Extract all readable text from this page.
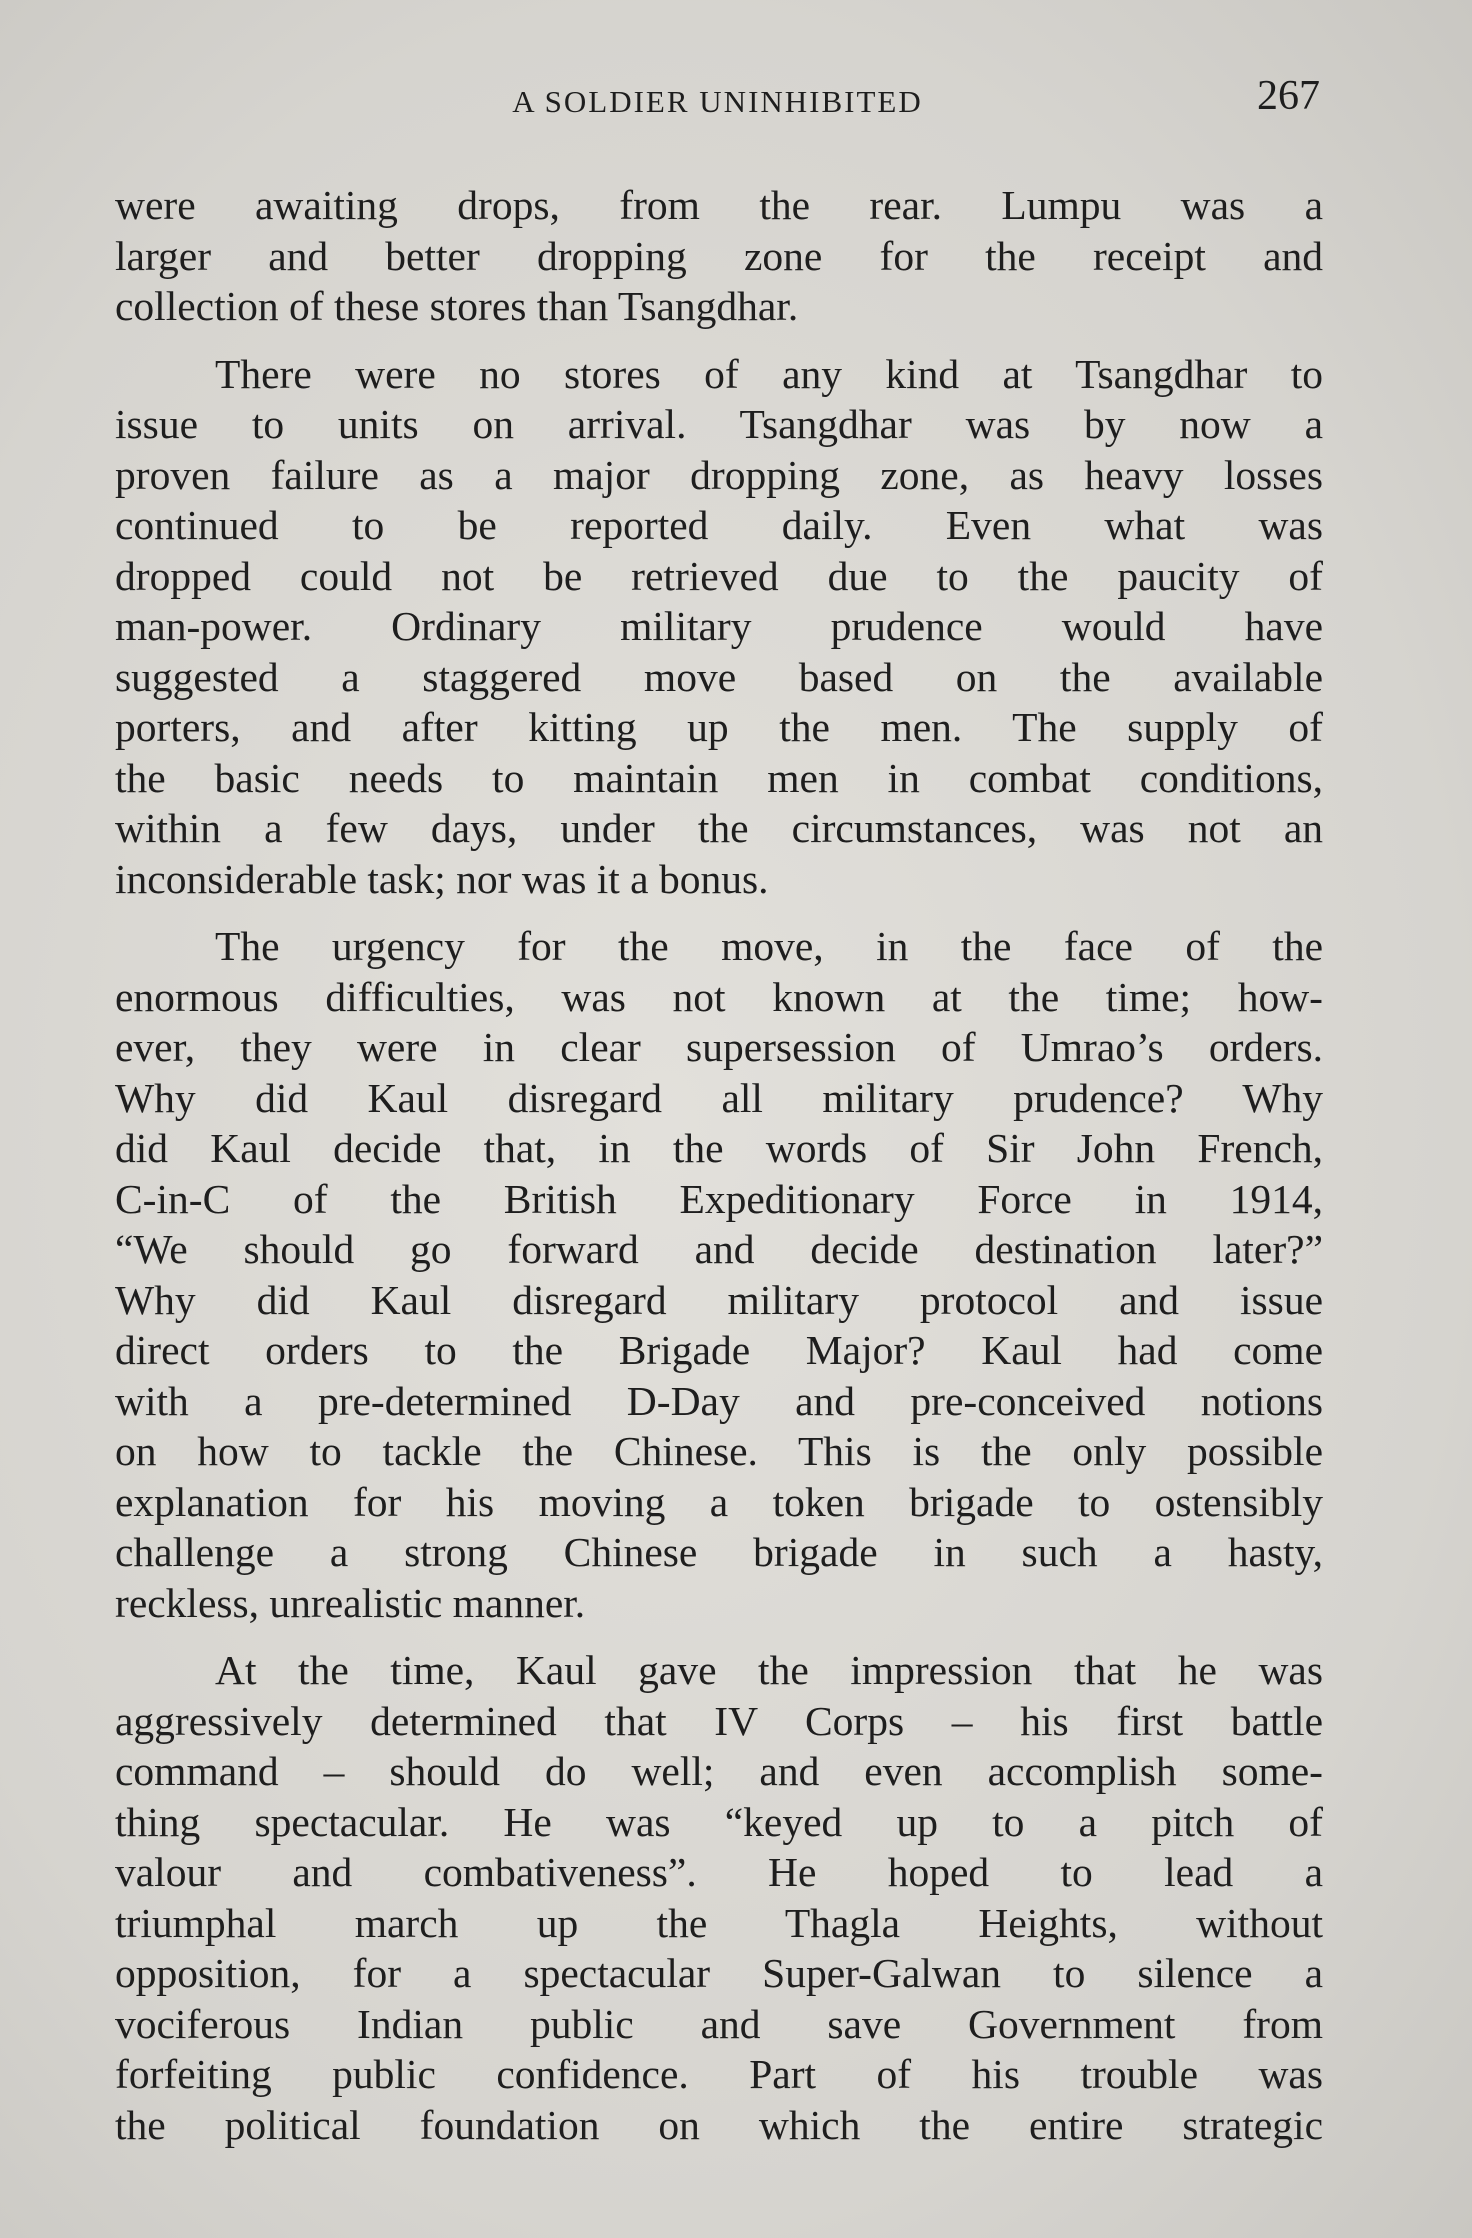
A SOLDIER UNINHIBITED	267
were awaiting drops, from the rear. Lumpu was a
larger and better dropping zone for the receipt and
collection of these stores than Tsangdhar.
There were no stores of any kind at Tsangdhar to
issue to units on arrival. Tsangdhar was by now a
proven failure as a major dropping zone, as heavy losses
continued to be reported daily. Even what was
dropped could not be retrieved due to the paucity of
man-power. Ordinary military prudence would have
suggested a staggered move based on the available
porters, and after kitting up the men. The supply of
the basic needs to maintain men in combat conditions,
within a few days, under the circumstances, was not an
inconsiderable task; nor was it a bonus.
The urgency for the move, in the face of the
enormous difficulties, was not known at the time; how-
ever, they were in clear supersession of Umrao’s orders.
Why did Kaul disregard all military prudence? Why
did Kaul decide that, in the words of Sir John French,
C-in-C of the British Expeditionary Force in 1914,
“We should go forward and decide destination later?”
Why did Kaul disregard military protocol and issue
direct orders to the Brigade Major? Kaul had come
with a pre-determined D-Day and pre-conceived notions
on how to tackle the Chinese. This is the only possible
explanation for his moving a token brigade to ostensibly
challenge a strong Chinese brigade in such a hasty,
reckless, unrealistic manner.
At the time, Kaul gave the impression that he was
aggressively determined that IV Corps – his first battle
command – should do well; and even accomplish some-
thing spectacular. He was “keyed up to a pitch of
valour and combativeness”. He hoped to lead a
triumphal march up the Thagla Heights, without
opposition, for a spectacular Super-Galwan to silence a
vociferous Indian public and save Government from
forfeiting public confidence. Part of his trouble was
the political foundation on which the entire strategic
